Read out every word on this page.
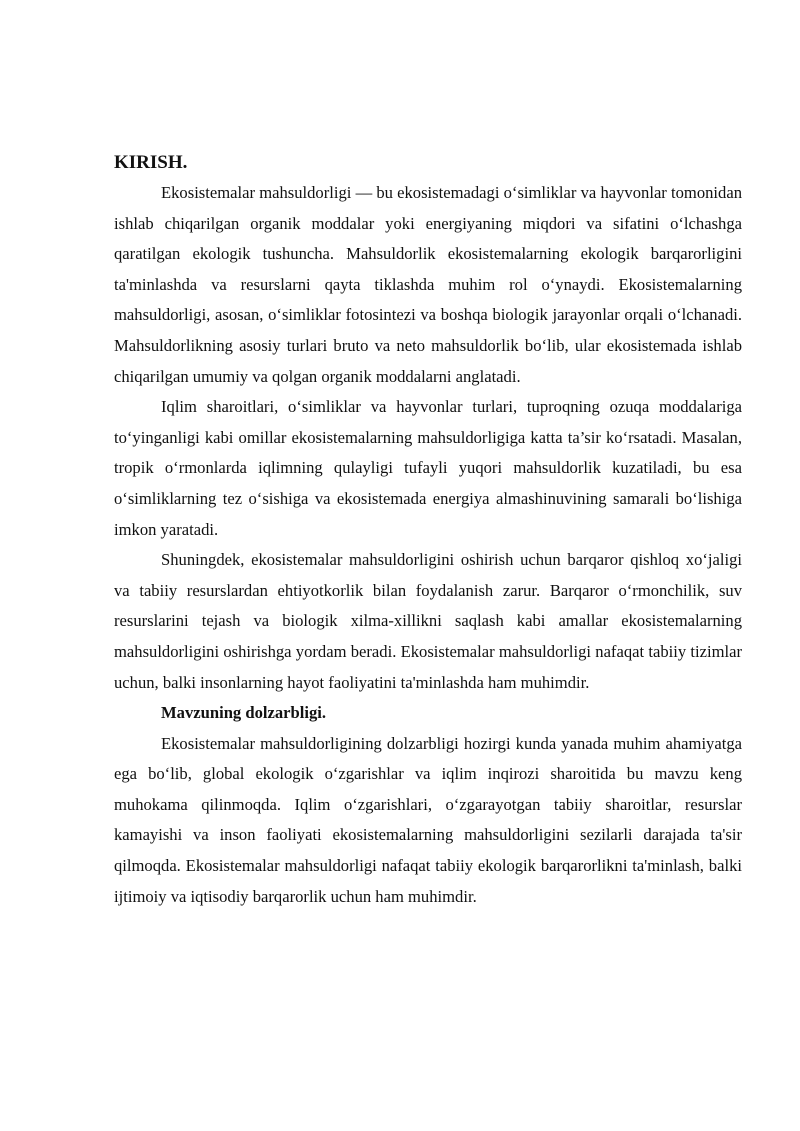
KIRISH.

Ekosistemalar mahsuldorligi — bu ekosistemadagi o‘simliklar va hayvonlar tomonidan ishlab chiqarilgan organik moddalar yoki energiyaning miqdori va sifatini o‘lchashga qaratilgan ekologik tushuncha. Mahsuldorlik ekosistemalarning ekologik barqarorligini ta'minlashda va resurslarni qayta tiklashda muhim rol o‘ynaydi. Ekosistemalarning mahsuldorligi, asosan, o‘simliklar fotosintezi va boshqa biologik jarayonlar orqali o‘lchanadi. Mahsuldorlikning asosiy turlari bruto va neto mahsuldorlik bo‘lib, ular ekosistemada ishlab chiqarilgan umumiy va qolgan organik moddalarni anglatadi.

Iqlim sharoitlari, o‘simliklar va hayvonlar turlari, tuproqning ozuqa moddalariga to‘yinganligi kabi omillar ekosistemalarning mahsuldorligiga katta ta’sir ko‘rsatadi. Masalan, tropik o‘rmonlarda iqlimning qulayligi tufayli yuqori mahsuldorlik kuzatiladi, bu esa o‘simliklarning tez o‘sishiga va ekosistemada energiya almashinuvining samarali bo‘lishiga imkon yaratadi.

Shuningdek, ekosistemalar mahsuldorligini oshirish uchun barqaror qishloq xo‘jaligi va tabiiy resurslardan ehtiyotkorlik bilan foydalanish zarur. Barqaror o‘rmonchilik, suv resurslarini tejash va biologik xilma-xillikni saqlash kabi amallar ekosistemalarning mahsuldorligini oshirishga yordam beradi. Ekosistemalar mahsuldorligi nafaqat tabiiy tizimlar uchun, balki insonlarning hayot faoliyatini ta'minlashda ham muhimdir.

Mavzuning dolzarbligi.

Ekosistemalar mahsuldorligining dolzarbligi hozirgi kunda yanada muhim ahamiyatga ega bo‘lib, global ekologik o‘zgarishlar va iqlim inqirozi sharoitida bu mavzu keng muhokama qilinmoqda. Iqlim o‘zgarishlari, o‘zgarayotgan tabiiy sharoitlar, resurslar kamayishi va inson faoliyati ekosistemalarning mahsuldorligini sezilarli darajada ta'sir qilmoqda. Ekosistemalar mahsuldorligi nafaqat tabiiy ekologik barqarorlikni ta'minlash, balki ijtimoiy va iqtisodiy barqarorlik uchun ham muhimdir.
